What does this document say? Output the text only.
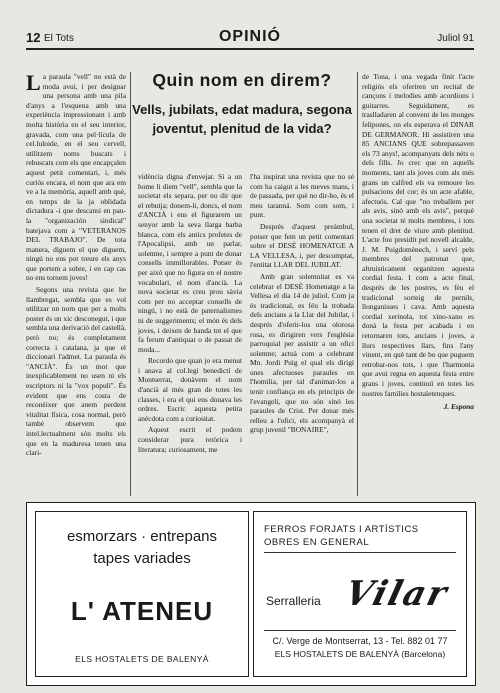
12 El Tots	OPINIÓ	Juliol 91

La paraula "vell" no està de moda avui, i per designar una persona amb una pila d'anys a l'esquena amb una experiència impressionant i amb molta història en el seu interior, gravada, com una pel·lícula de cel.luloide, en el seu cervell, utilitzem noms buscats i rebuscats com els que encapçalen aquest petit comentari, i, més curiós encara, el nom que ara em ve a la memòria, aquell amb què, en temps de la ja oblidada dictadura -i que descansi en pau- la "organización sindical" batejava com a "VETERANOS DEL TRABAJO". De tota manera, diguem el que diguem, ningú no ens pot treure els anys que portem a sobre, i en cap cas no ens tornem joves!

Segons una revista que he llambregat, sembla que es vol utilitzar un nom que per a molts poster és un xic desconegut, i que sembla una derivació del castellà, però no; és completament correcta i catalana, ja que el diccionari l'admet. La paraula és "ANCIÀ". És un mot que inexplicablement no usen ni els escriptors ni la "vox populi". És evident que ens costa de reconèixer que anem perdent vitalitat física, cosa normal, però també observem que intel.lectualment són molts els que en la maduresa tenen una clari-

Quin nom en direm?
Vells, jubilats, edat madura, segona joventut, plenitud de la vida?

vidència digna d'envejar. Si a un home li diem "vell", sembla que la societat els separa, per no dir que el rebutja; donem-li, doncs, el nom d'ANCIÀ i ens el figurarem un senyor amb la seva llarga barba blanca, com els antics profetes de l'Apocalipsi, amb un parlar, solemne, i sempre a punt de donar consells immillorables. Potser és per això que no figura en el nostre vocabulari, el nom d'ancià. La nova societat es creu prou sàvia com per no acceptar consells de ningú, i no està de paternalismes ni de suggeriments; el món és dels joves, i deixen de banda tot el que fa ferum d'antiquat o de passat de moda...

Recordo que quan jo era menut i anava al col.legi benedictí de Montserrat, donàvem el nom d'ancià al més gran de totes les classes, i era el qui ens donava les ordres. Escric aquesta petita anècdota com a curiositat.

Aquest escrit el podem considerar pura retòrica i literatura; curiosament, me

l'ha inspirat una revista que no sé com ha caigut a les meves mans, i de passada, per què no dir-ho, és el meu taranná. Som com som, i punt.

Després d'aquest preàmbul, potser que fem un petit comentari sobre el DESÈ HOMENATGE A LA VELLESA, i, per descomptat, l'entitat LLAR DEL JUBILAT.

Amb gran solemnitat es va celebrar el DESÈ Homenatge a la Vellesa el dia 14 de juliol. Com ja és tradicional, es féu la trobada dels ancians a la Llar del Jubilat, i després d'oferir-los una olorosa rosa, es dirigiren vers l'església parroquial per assistir a un ofici solemne; actuà com a celebrant Mn. Jordi Puig el qual els dirigí unes afectuoses paraules en l'homilia, per tal d'animar-los a tenir confiança en els principis de l'evangeli, que no són sinó les paraules de Crist. Per donar més relleu a l'ofici, els acompanyà el grup juvenil "BONAIRE",

de Tona, i una vegada finit l'acte religiós els oferiren un recital de cançons i melodies amb acordions i guitarres. Seguidament, es traslladaren al convent de les monges felipones, on els esperava el DINAR DE GERMANOR. Hi assistiren una 85 ANCIANS QUE sobrepassaven els 73 anys!, acompanyats dels néts o dels fills. Jo crec que en aquells moments, tant als joves com als més grans un calfred els va remoure les pulsacions del cor; és un acte afable, afectuós. Cal que "no treballem per als avis, sinó amb els avis", perquè una societat té molts membres, i tots tenen el dret de viure amb plenitud. L'acte fou presidit pel novell alcalde, J. M. Puigdomènech, i serví pels membres del patronat que, altruísticament organitzen aquesta cordial festa. I com a acte final, després de les postres, es féu el tradicional sorteig de pernils, llonganisses i cava. Amb aquesta cordial xerinola, tot xino-xano es donà la festa per acabada i en retornaren tots, ancians i joves, a llurs respectives llars, fins l'any vinent, en què tant de bo que puguem retrobar-nos tots, i que l'harmonia que avui regna en aquesta festa entre grans i joves, continuï en totes les nostres famílies hostaletenques.

J. Espona
esmorzars · entrepans
tapes variades
L' ATENEU
ELS HOSTALETS DE BALENYÀ
FERROS FORJATS I ARTÍSTICS
OBRES EN GENERAL
Serralleria Vilar
C/. Verge de Montserrat, 13 - Tel. 882 01 77
ELS HOSTALETS DE BALENYÀ (Barcelona)
